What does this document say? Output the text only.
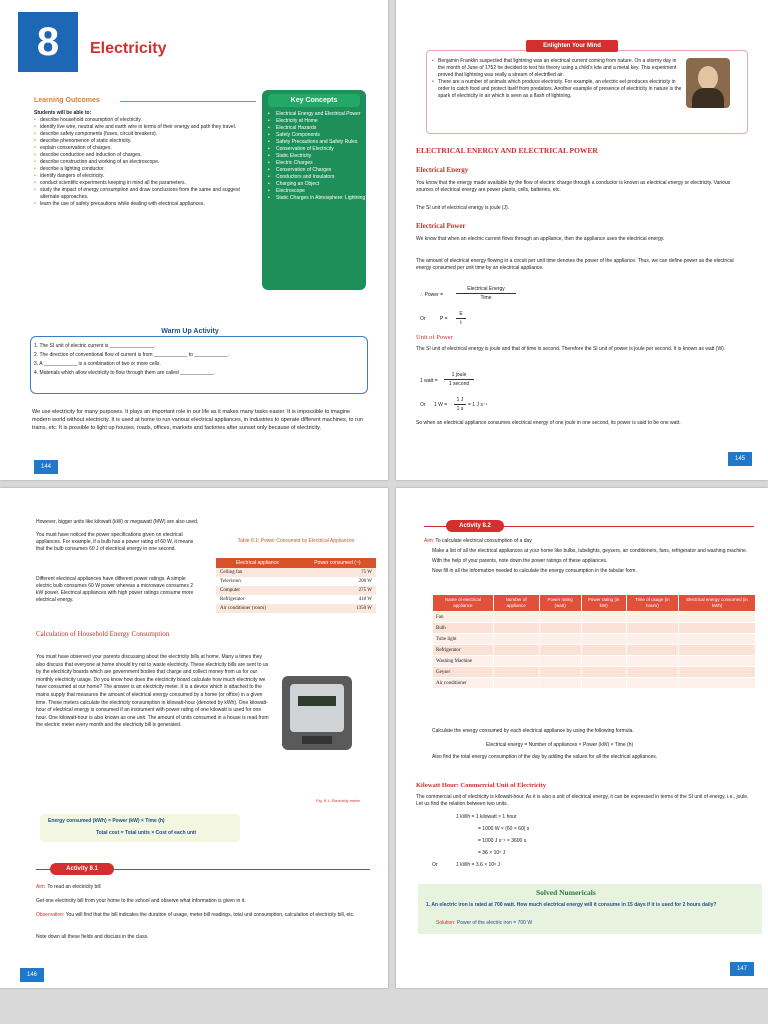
8	Electricity
Learning Outcomes
Students will be able to:
• describe household consumption of electricity.
• identify live wire, neutral wire and earth wire in terms of their energy and path they travel.
• describe safety components (fuses, circuit breakers).
• describe phenomenon of static electricity.
• explain conservation of charges.
• describe conduction and induction of charges.
• describe construction and working of an electroscope.
• describe a lighting conductor.
• identify dangers of electricity.
• conduct scientific experiments keeping in mind all the parameters.
• study the impact of energy consumption and draw conclusions from the same and suggest alternate approaches.
• learn the use of safety precautions while dealing with electrical appliances.
Key Concepts
• Electrical Energy and Electrical Power
• Electricity at Home
• Electrical Hazards
• Safety Components
• Safety Precautions and Safety Rules
• Conservation of Electricity
• Static Electricity
• Electric Charges
• Conservation of Charges
• Conductors and Insulators
• Charging an Object
• Electroscope
• Static Charges in Atmosphere: Lightning
Warm Up Activity
1. The SI unit of electric current is ________________.
2. The direction of conventional flow of current is from ____________ to ____________.
3. A ____________ is a combination of two or more cells.
4. Materials which allow electricity to flow through them are called ____________.
We use electricity for many purposes. It plays an important role in our life as it makes many tasks easier. It is impossible to imagine modern world without electricity. It is used at home to run various electrical appliances, in industries to operate different machines, to run trains, etc. It is possible to light up houses, roads, offices, markets and factories after sunset only because of electricity.
144
Enlighten Your Mind
• Benjamin Franklin suspected that lightning was an electrical current coming from nature. On a stormy day in the month of June of 1752 he decided to test his theory using a child's kite and a metal key. This experiment proved that lightning was really a stream of electrified air.
• There are a number of animals which produce electricity. For example, an electric eel produces electricity in order to catch food and protect itself from predators. Another example of presence of electricity in nature is the spark of electricity in air which is seen as a flash of lightning.
ELECTRICAL ENERGY AND ELECTRICAL POWER
Electrical Energy
You know that the energy made available by the flow of electric charge through a conductor is known as electrical energy or electricity. Various sources of electrical energy are power plants, cells, batteries, etc.
The SI unit of electrical energy is joule (J).
Electrical Power
We know that when an electric current flows through an appliance, then the appliance uses the electrical energy.
The amount of electrical energy flowing in a circuit per unit time denotes the power of the appliance. Thus, we can define power as the electrical energy consumed per unit time by an electrical appliance.
∴ Power =
Electrical Energy
Time
Or	P =
E
t
Unit of Power
The SI unit of electrical energy is joule and that of time is second. Therefore the SI unit of power is joule per second. It is known as watt (W).
1 watt =
1 joule
1 second
Or 1 W =
1 J
1 s
= 1 J s⁻¹
So when an electrical appliance consumes electrical energy of one joule in one second, its power is said to be one watt.
145
However, bigger units like kilowatt (kW) or megawatt (MW) are also used.
You must have noticed the power specifications given on electrical appliances. For example, if a bulb has a power rating of 60 W, it means that the bulb consumes 60 J of electrical energy in one second.
Different electrical appliances have different power ratings. A simple electric bulb consumes 60 W power whereas a microwave consumes 2 kW power. Electrical appliances with high power ratings consume more electrical energy.
Table 8.1: Power Consumed by Electrical Appliances
Electrical appliance	Power consumed (~)
Ceiling fan	75 W
Television	200 W
Computer	275 W
Refrigerator	418 W
Air conditioner (room)	1350 W
Calculation of Household Energy Consumption
You must have observed your parents discussing about the electricity bills at home. Many a times they also discuss that everyone at home should try not to waste electricity. These electricity bills are sent to us by the electricity boards which are government bodies that charge and collect money from us for our monthly electricity usage. Do you know how does the electricity board calculate how much electricity we have consumed at our home? The answer is an electricity meter. It is a device which is attached to the mains supply that measures the amount of electrical energy consumed by a home (or office) in a given time. These meters calculate the electricity consumption in kilowatt-hour (denoted by kWh). One kilowatt-hour of electrical energy is consumed if an instrument with power rating of one kilowatt is used for one hour. One kilowatt-hour is also known as one unit. The amount of units consumed in a house is read from the electric meter every month and the electricity bill is generated.
Fig. 8.1: Electricity meter
Energy consumed (kWh) = Power (kW) × Time (h)
Total cost = Total units × Cost of each unit
Activity 8.1
Aim: To read an electricity bill
Get one electricity bill from your home to the school and observe what information is given in it.
Observation: You will find that the bill indicates the duration of usage, meter bill readings, total unit consumption, calculation of electricity bill, etc.
Note down all these fields and discuss in the class.
146
Activity 8.2
Aim: To calculate electrical consumption of a day
Make a list of all the electrical appliances at your home like bulbs, tubelights, geysers, air conditioners, fans, refrigerator and washing machine.
With the help of your parents, note down the power ratings of these appliances.
Now fill in all the information needed to calculate the energy consumption in the tabular form.
Name of electrical appliance	Number of appliance	Power rating (watt)	Power rating (in kW)	Time of usage (in hours)	Electrical energy consumed (in kWh)
Fan					
Bulb					
Tube light					
Refrigerator					
Washing Machine					
Geyser					
Air conditioner					
Calculate the energy consumed by each electrical appliance by using the following formula.
Electrical energy = Number of appliances × Power (kW) × Time (h)
Also find the total energy consumption of the day by adding the values for all the electrical appliances.
Kilowatt Hour: Commercial Unit of Electricity
The commercial unit of electricity is kilowatt-hour. As it is also a unit of electrical energy, it can be expressed in terms of the SI unit of energy, i.e., joule. Let us find the relation between two units.
1 kWh = 1 kilowatt × 1 hour
= 1000 W × (60 × 60) s
= 1000 J s⁻¹ × 3600 s
= 36 × 10⁵ J
Or	1 kWh = 3.6 × 10⁶ J
Solved Numericals
1. An electric iron is rated at 700 watt. How much electrical energy will it consume in 15 days if it is used for 2 hours daily?
Solution: Power of the electric iron = 700 W
147
